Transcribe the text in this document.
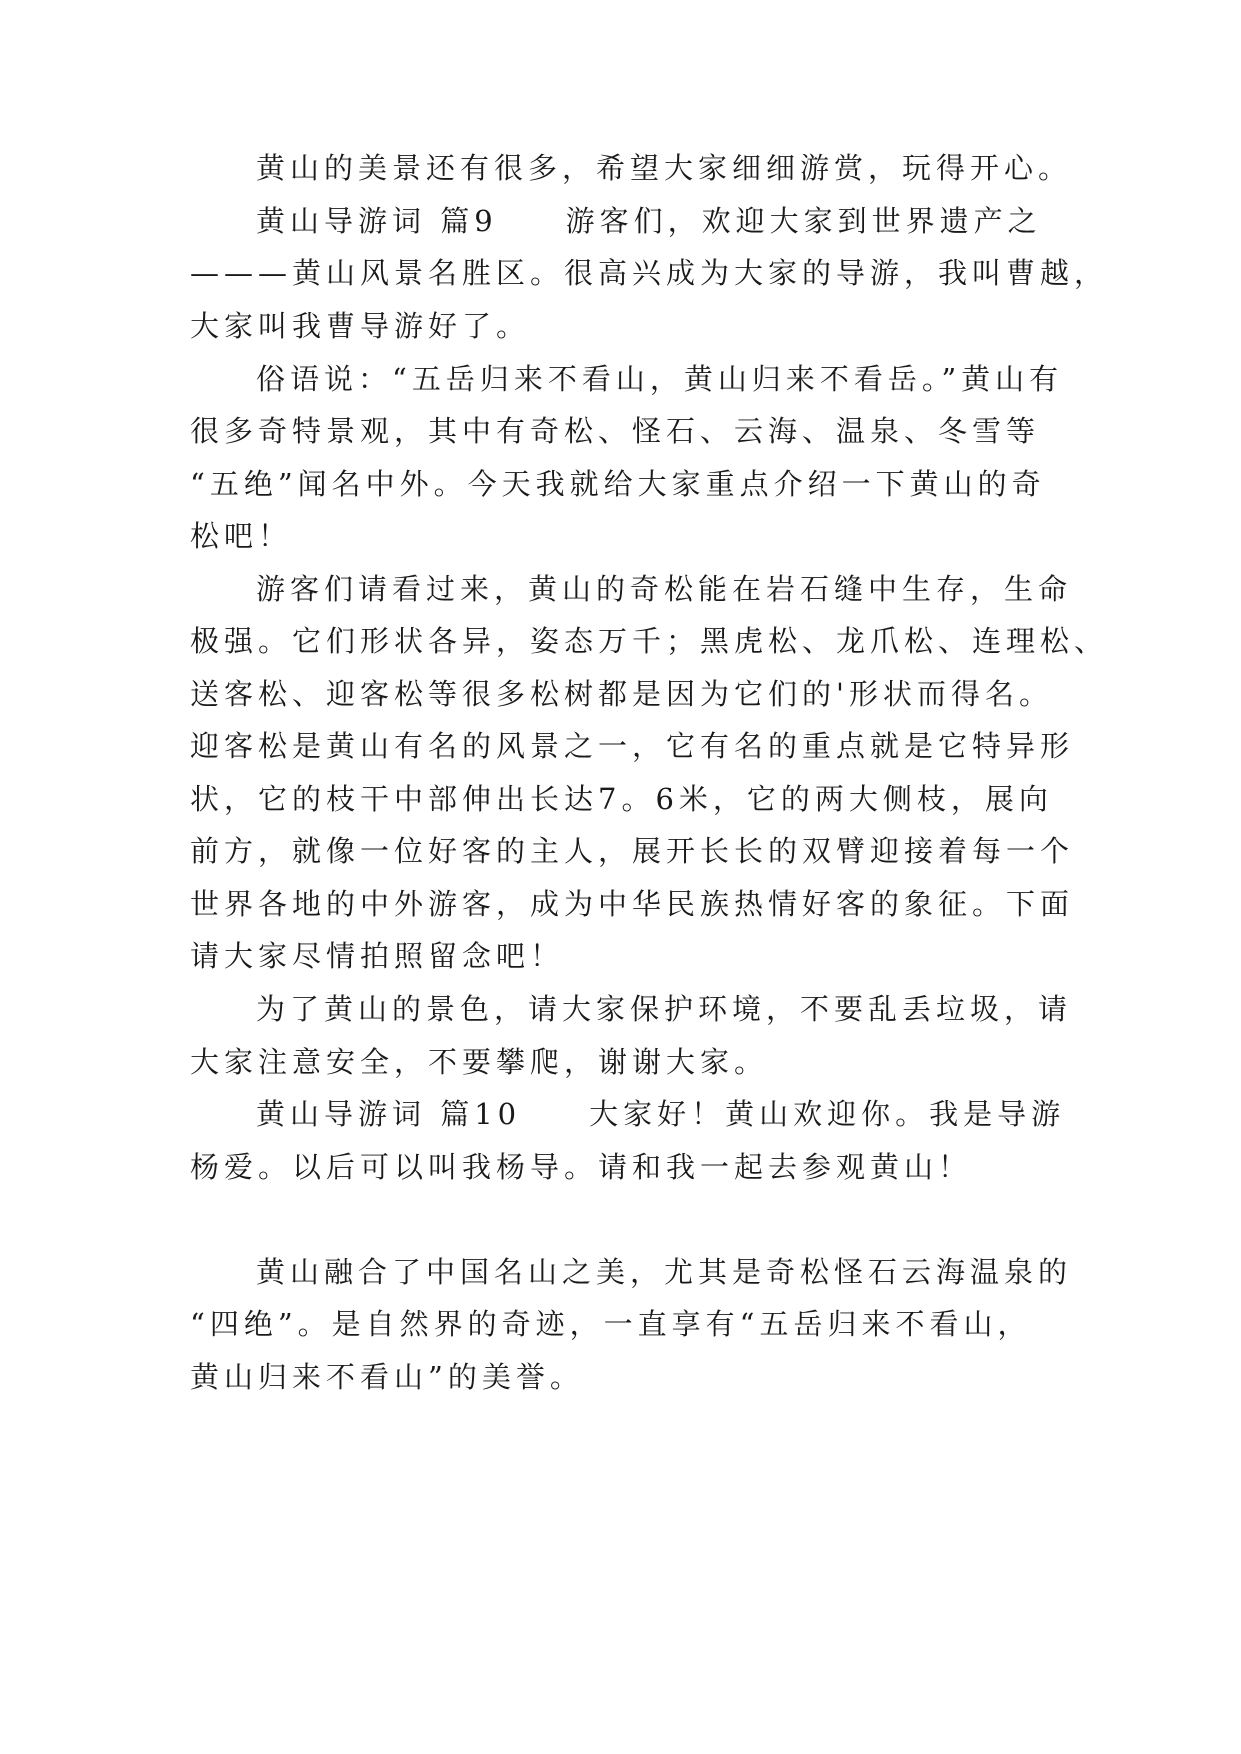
黄山的美景还有很多，希望大家细细游赏，玩得开心。
黄山导游词 篇9　　游客们，欢迎大家到世界遗产之
———黄山风景名胜区。很高兴成为大家的导游，我叫曹越，
大家叫我曹导游好了。
俗语说：“五岳归来不看山，黄山归来不看岳。”黄山有
很多奇特景观，其中有奇松、怪石、云海、温泉、冬雪等
“五绝”闻名中外。今天我就给大家重点介绍一下黄山的奇
松吧！
游客们请看过来，黄山的奇松能在岩石缝中生存，生命
极强。它们形状各异，姿态万千；黑虎松、龙爪松、连理松、
送客松、迎客松等很多松树都是因为它们的'形状而得名。
迎客松是黄山有名的风景之一，它有名的重点就是它特异形
状，它的枝干中部伸出长达7。6米，它的两大侧枝，展向
前方，就像一位好客的主人，展开长长的双臂迎接着每一个
世界各地的中外游客，成为中华民族热情好客的象征。下面
请大家尽情拍照留念吧！
为了黄山的景色，请大家保护环境，不要乱丢垃圾，请
大家注意安全，不要攀爬，谢谢大家。
黄山导游词 篇10　　大家好！黄山欢迎你。我是导游
杨爱。以后可以叫我杨导。请和我一起去参观黄山！
黄山融合了中国名山之美，尤其是奇松怪石云海温泉的
“四绝”。是自然界的奇迹，一直享有“五岳归来不看山，
黄山归来不看山”的美誉。
